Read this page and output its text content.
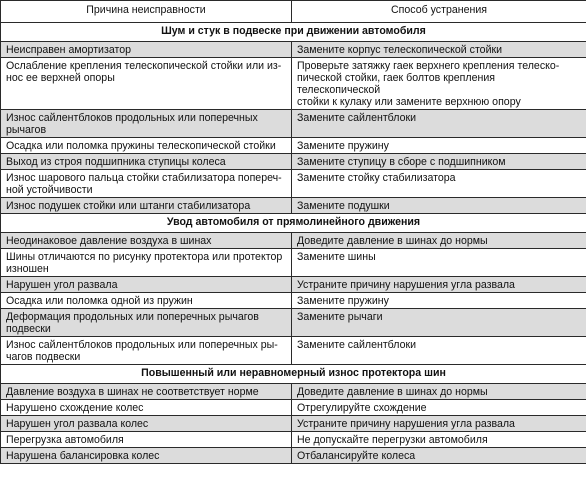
Причина неисправности	Способ устранения
Шум и стук в подвеске при движении автомобиля	
Неисправен амортизатор	Замените корпус телескопической стойки
Ослабление крепления телескопической стойки или из-
нос ее верхней опоры	Проверьте затяжку гаек верхнего крепления телеско-
пической стойки, гаек болтов крепления телескопической
стойки к кулаку или замените верхнюю опору
Износ сайлентблоков продольных или поперечных
рычагов	Замените сайлентблоки
Осадка или поломка пружины телескопической стойки	Замените пружину
Выход из строя подшипника ступицы колеса	Замените ступицу в сборе с подшипником
Износ шарового пальца стойки стабилизатора попереч-
ной устойчивости	Замените стойку стабилизатора
Износ подушек стойки или штанги стабилизатора	Замените подушки
Увод автомобиля от прямолинейного движения	
Неодинаковое давление воздуха в шинах	Доведите давление в шинах до нормы
Шины отличаются по рисунку протектора или протектор
изношен	Замените шины
Нарушен угол развала	Устраните причину нарушения угла развала
Осадка или поломка одной из пружин	Замените пружину
Деформация продольных или поперечных рычагов
подвески	Замените рычаги
Износ сайлентблоков продольных или поперечных ры-
чагов подвески	Замените сайлентблоки
Повышенный или неравномерный износ протектора шин	
Давление воздуха в шинах не соответствует норме	Доведите давление в шинах до нормы
Нарушено схождение колес	Отрегулируйте схождение
Нарушен угол развала колес	Устраните причину нарушения угла развала
Перегрузка автомобиля	Не допускайте перегрузки автомобиля
Нарушена балансировка колес	Отбалансируйте колеса
